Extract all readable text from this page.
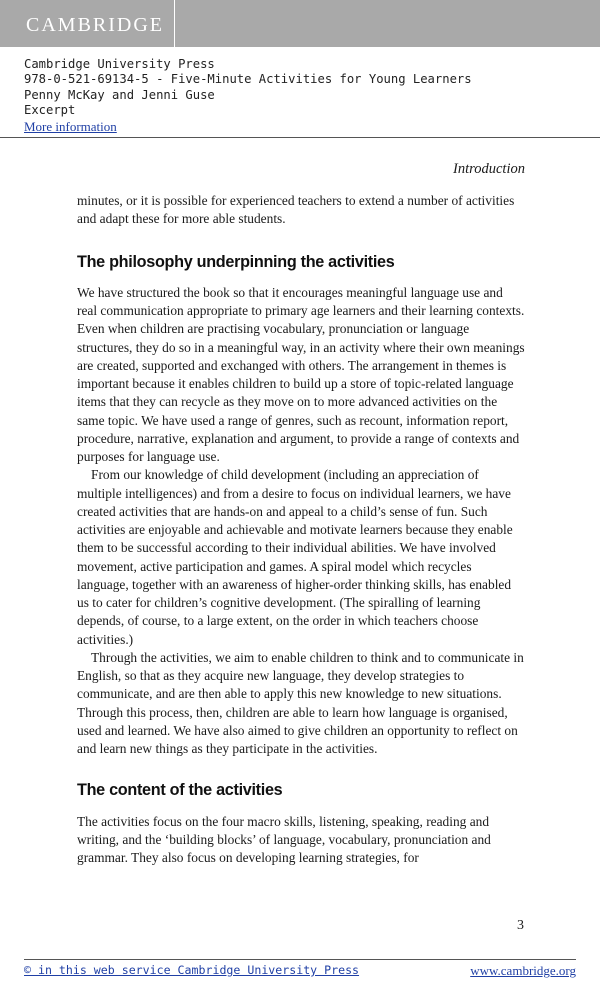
CAMBRIDGE
Cambridge University Press
978-0-521-69134-5 - Five-Minute Activities for Young Learners
Penny McKay and Jenni Guse
Excerpt
More information
Introduction

minutes, or it is possible for experienced teachers to extend a number of activities and adapt these for more able students.

The philosophy underpinning the activities

We have structured the book so that it encourages meaningful language use and real communication appropriate to primary age learners and their learning contexts. Even when children are practising vocabulary, pronunciation or language structures, they do so in a meaningful way, in an activity where their own meanings are created, supported and exchanged with others. The arrangement in themes is important because it enables children to build up a store of topic-related language items that they can recycle as they move on to more advanced activities on the same topic. We have used a range of genres, such as recount, information report, procedure, narrative, explanation and argument, to provide a range of contexts and purposes for language use.

From our knowledge of child development (including an appreciation of multiple intelligences) and from a desire to focus on individual learners, we have created activities that are hands-on and appeal to a child’s sense of fun. Such activities are enjoyable and achievable and motivate learners because they enable them to be successful according to their individual abilities. We have involved movement, active participation and games. A spiral model which recycles language, together with an awareness of higher-order thinking skills, has enabled us to cater for children’s cognitive development. (The spiralling of learning depends, of course, to a large extent, on the order in which teachers choose activities.)

Through the activities, we aim to enable children to think and to communicate in English, so that as they acquire new language, they develop strategies to communicate, and are then able to apply this new knowledge to new situations. Through this process, then, children are able to learn how language is organised, used and learned. We have also aimed to give children an opportunity to reflect on and learn new things as they participate in the activities.

The content of the activities

The activities focus on the four macro skills, listening, speaking, reading and writing, and the ‘building blocks’ of language, vocabulary, pronunciation and grammar. They also focus on developing learning strategies, for

3
© in this web service Cambridge University Press	www.cambridge.org
